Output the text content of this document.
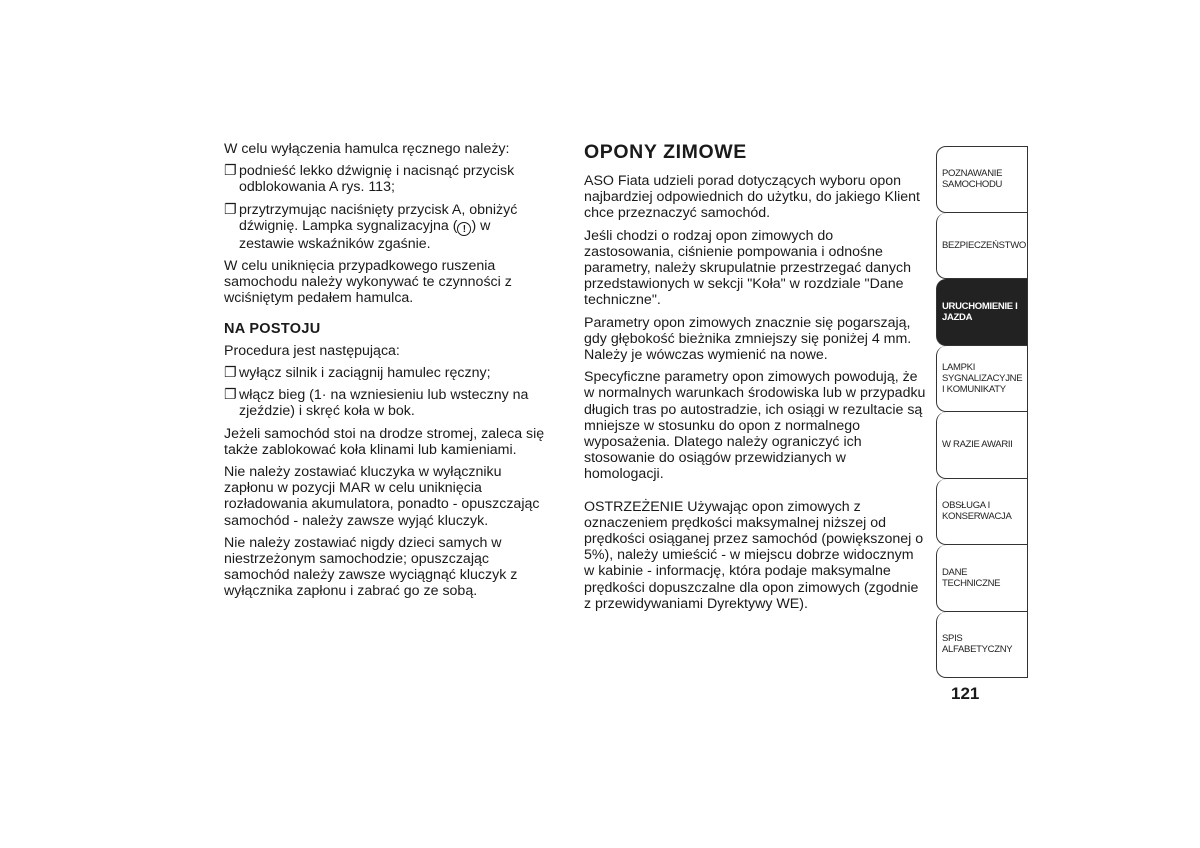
W celu wyłączenia hamulca ręcznego należy:

❐ podnieść lekko dźwignię i nacisnąć przycisk odblokowania A rys. 113;
❐ przytrzymując naciśnięty przycisk A, obniżyć dźwignię. Lampka sygnalizacyjna ( ! ) w zestawie wskaźników zgaśnie.

W celu uniknięcia przypadkowego ruszenia samochodu należy wykonywać te czynności z wciśniętym pedałem hamulca.

NA POSTOJU

Procedura jest następująca:

❐ wyłącz silnik i zaciągnij hamulec ręczny;
❐ włącz bieg (1· na wzniesieniu lub wsteczny na zjeździe) i skręć koła w bok.

Jeżeli samochód stoi na drodze stromej, zaleca się także zablokować koła klinami lub kamieniami.

Nie należy zostawiać kluczyka w wyłączniku zapłonu w pozycji MAR w celu uniknięcia rozładowania akumulatora, ponadto - opuszczając samochód - należy zawsze wyjąć kluczyk.

Nie należy zostawiać nigdy dzieci samych w niestrzeżonym samochodzie; opuszczając samochód należy zawsze wyciągnąć kluczyk z wyłącznika zapłonu i zabrać go ze sobą.

OPONY ZIMOWE

ASO Fiata udzieli porad dotyczących wyboru opon najbardziej odpowiednich do użytku, do jakiego Klient chce przeznaczyć samochód.

Jeśli chodzi o rodzaj opon zimowych do zastosowania, ciśnienie pompowania i odnośne parametry, należy skrupulatnie przestrzegać danych przedstawionych w sekcji "Koła" w rozdziale "Dane techniczne".

Parametry opon zimowych znacznie się pogarszają, gdy głębokość bieżnika zmniejszy się poniżej 4 mm. Należy je wówczas wymienić na nowe.

Specyficzne parametry opon zimowych powodują, że w normalnych warunkach środowiska lub w przypadku długich tras po autostradzie, ich osiągi w rezultacie są mniejsze w stosunku do opon z normalnego wyposażenia. Dlatego należy ograniczyć ich stosowanie do osiągów przewidzianych w homologacji.

OSTRZEŻENIE Używając opon zimowych z oznaczeniem prędkości maksymalnej niższej od prędkości osiąganej przez samochód (powiększonej o 5%), należy umieścić - w miejscu dobrze widocznym w kabinie - informację, która podaje maksymalne prędkości dopuszczalne dla opon zimowych (zgodnie z przewidywaniami Dyrektywy WE).

POZNAWANIE SAMOCHODU
BEZPIECZEŃSTWO
URUCHOMIENIE I JAZDA
LAMPKI SYGNALIZACYJNE I KOMUNIKATY
W RAZIE AWARII
OBSŁUGA I KONSERWACJA
DANE TECHNICZNE
SPIS ALFABETYCZNY
121
